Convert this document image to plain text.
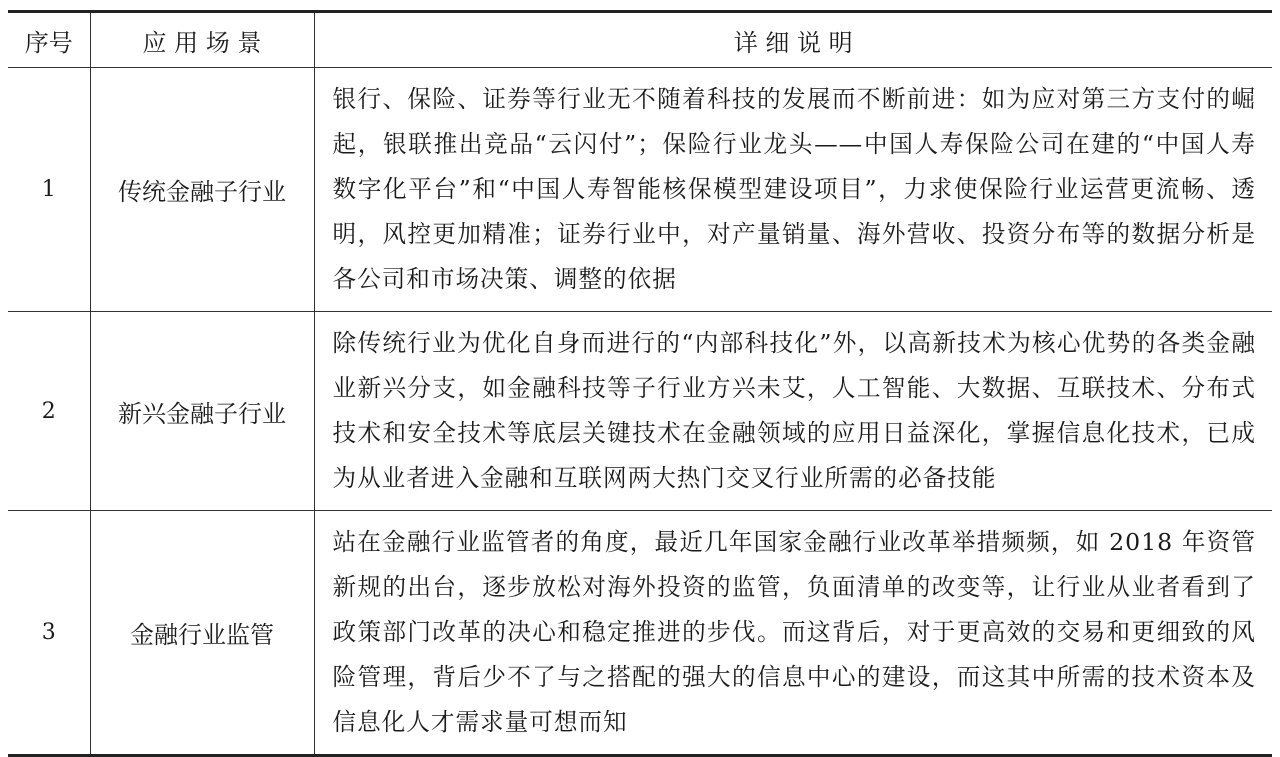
序号	应 用 场 景	详 细 说 明
1	传统金融子行业	银行、保险、证券等行业无不随着科技的发展而不断前进：如为应对第三方支付的崛起，银联推出竞品“云闪付”；保险行业龙头——中国人寿保险公司在建的“中国人寿数字化平台”和“中国人寿智能核保模型建设项目”，力求使保险行业运营更流畅、透明，风控更加精准；证券行业中，对产量销量、海外营收、投资分布等的数据分析是各公司和市场决策、调整的依据
2	新兴金融子行业	除传统行业为优化自身而进行的“内部科技化”外，以高新技术为核心优势的各类金融业新兴分支，如金融科技等子行业方兴未艾，人工智能、大数据、互联技术、分布式技术和安全技术等底层关键技术在金融领域的应用日益深化，掌握信息化技术，已成为从业者进入金融和互联网两大热门交叉行业所需的必备技能
3	金融行业监管	站在金融行业监管者的角度，最近几年国家金融行业改革举措频频，如 2018 年资管新规的出台，逐步放松对海外投资的监管，负面清单的改变等，让行业从业者看到了政策部门改革的决心和稳定推进的步伐。而这背后，对于更高效的交易和更细致的风险管理，背后少不了与之搭配的强大的信息中心的建设，而这其中所需的技术资本及信息化人才需求量可想而知
